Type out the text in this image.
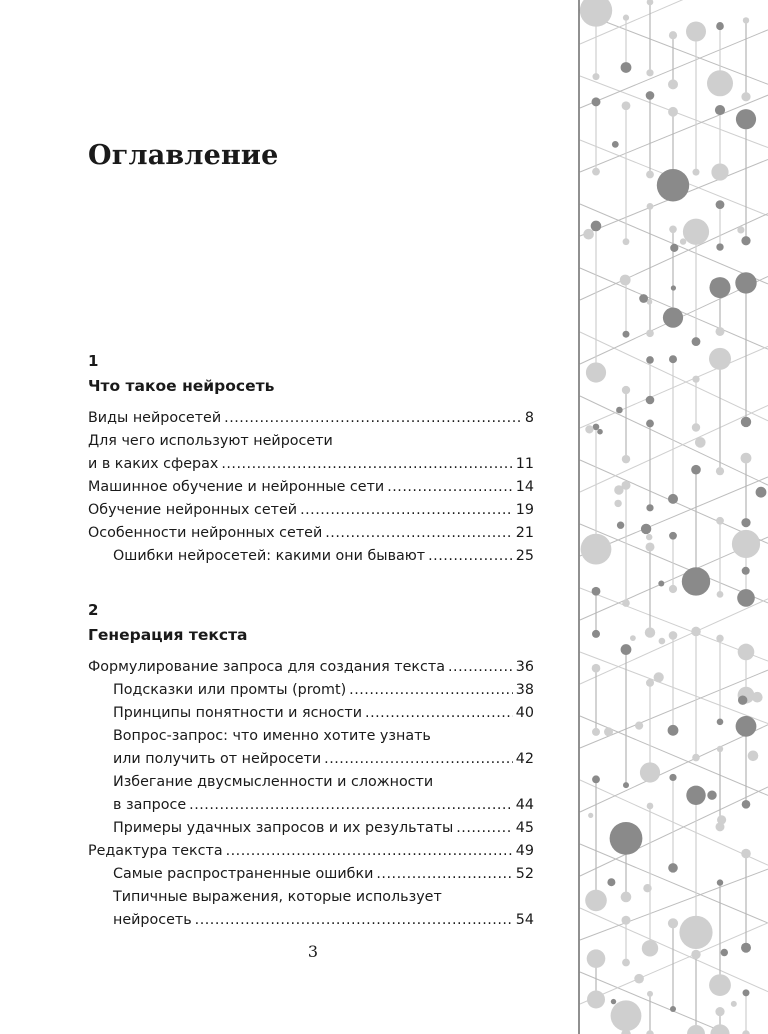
Оглавление
1
Что такое нейросеть
Виды нейросетей .....	8
Для чего используют нейросети
и в каких сферах .....	11
Машинное обучение и нейронные сети .....	14
Обучение нейронных сетей .....	19
Особенности нейронных сетей .....	21
Ошибки нейросетей: какими они бывают .....	25
2
Генерация текста
Формулирование запроса для создания текста .....	36
Подсказки или промты (promt) .....	38
Принципы понятности и ясности .....	40
Вопрос-запрос: что именно хотите узнать
или получить от нейросети .....	42
Избегание двусмысленности и сложности
в запросе .....	44
Примеры удачных запросов и их результаты .....	45
Редактура текста .....	49
Самые распространенные ошибки .....	52
Типичные выражения, которые использует
нейросеть .....	54
3
